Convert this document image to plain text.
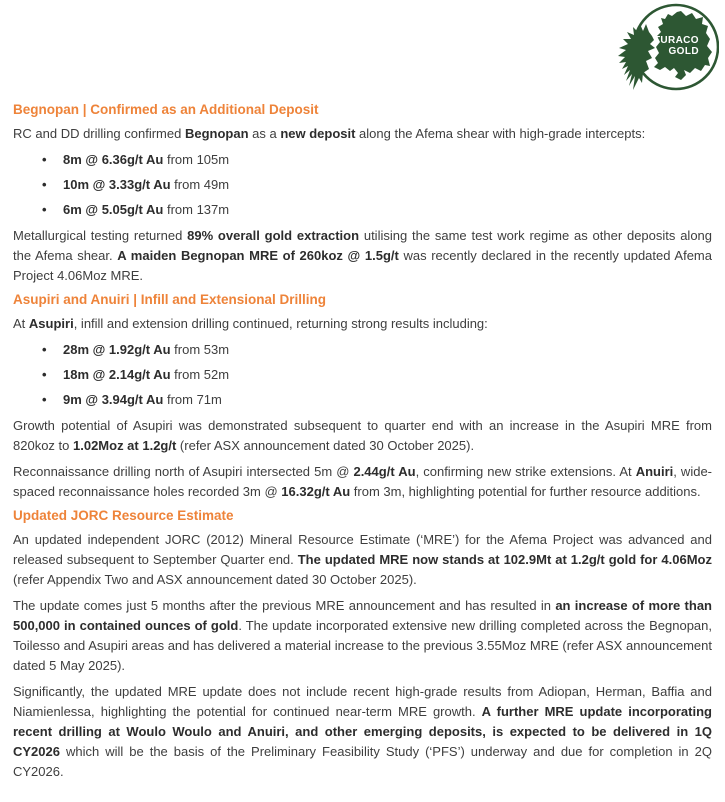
TURACO
GOLD
Begnopan | Confirmed as an Additional Deposit

RC and DD drilling confirmed Begnopan as a new deposit along the Afema shear with high-grade intercepts:

• 8m @ 6.36g/t Au from 105m
• 10m @ 3.33g/t Au from 49m
• 6m @ 5.05g/t Au from 137m

Metallurgical testing returned 89% overall gold extraction utilising the same test work regime as other deposits along the Afema shear. A maiden Begnopan MRE of 260koz @ 1.5g/t was recently declared in the recently updated Afema Project 4.06Moz MRE.

Asupiri and Anuiri | Infill and Extensional Drilling

At Asupiri, infill and extension drilling continued, returning strong results including:

• 28m @ 1.92g/t Au from 53m
• 18m @ 2.14g/t Au from 52m
• 9m @ 3.94g/t Au from 71m

Growth potential of Asupiri was demonstrated subsequent to quarter end with an increase in the Asupiri MRE from 820koz to 1.02Moz at 1.2g/t (refer ASX announcement dated 30 October 2025).

Reconnaissance drilling north of Asupiri intersected 5m @ 2.44g/t Au, confirming new strike extensions. At Anuiri, wide-spaced reconnaissance holes recorded 3m @ 16.32g/t Au from 3m, highlighting potential for further resource additions.

Updated JORC Resource Estimate

An updated independent JORC (2012) Mineral Resource Estimate (‘MRE’) for the Afema Project was advanced and released subsequent to September Quarter end. The updated MRE now stands at 102.9Mt at 1.2g/t gold for 4.06Moz (refer Appendix Two and ASX announcement dated 30 October 2025).

The update comes just 5 months after the previous MRE announcement and has resulted in an increase of more than 500,000 in contained ounces of gold. The update incorporated extensive new drilling completed across the Begnopan, Toilesso and Asupiri areas and has delivered a material increase to the previous 3.55Moz MRE (refer ASX announcement dated 5 May 2025).

Significantly, the updated MRE update does not include recent high-grade results from Adiopan, Herman, Baffia and Niamienlessa, highlighting the potential for continued near-term MRE growth. A further MRE update incorporating recent drilling at Woulo Woulo and Anuiri, and other emerging deposits, is expected to be delivered in 1Q CY2026 which will be the basis of the Preliminary Feasibility Study (‘PFS’) underway and due for completion in 2Q CY2026.
